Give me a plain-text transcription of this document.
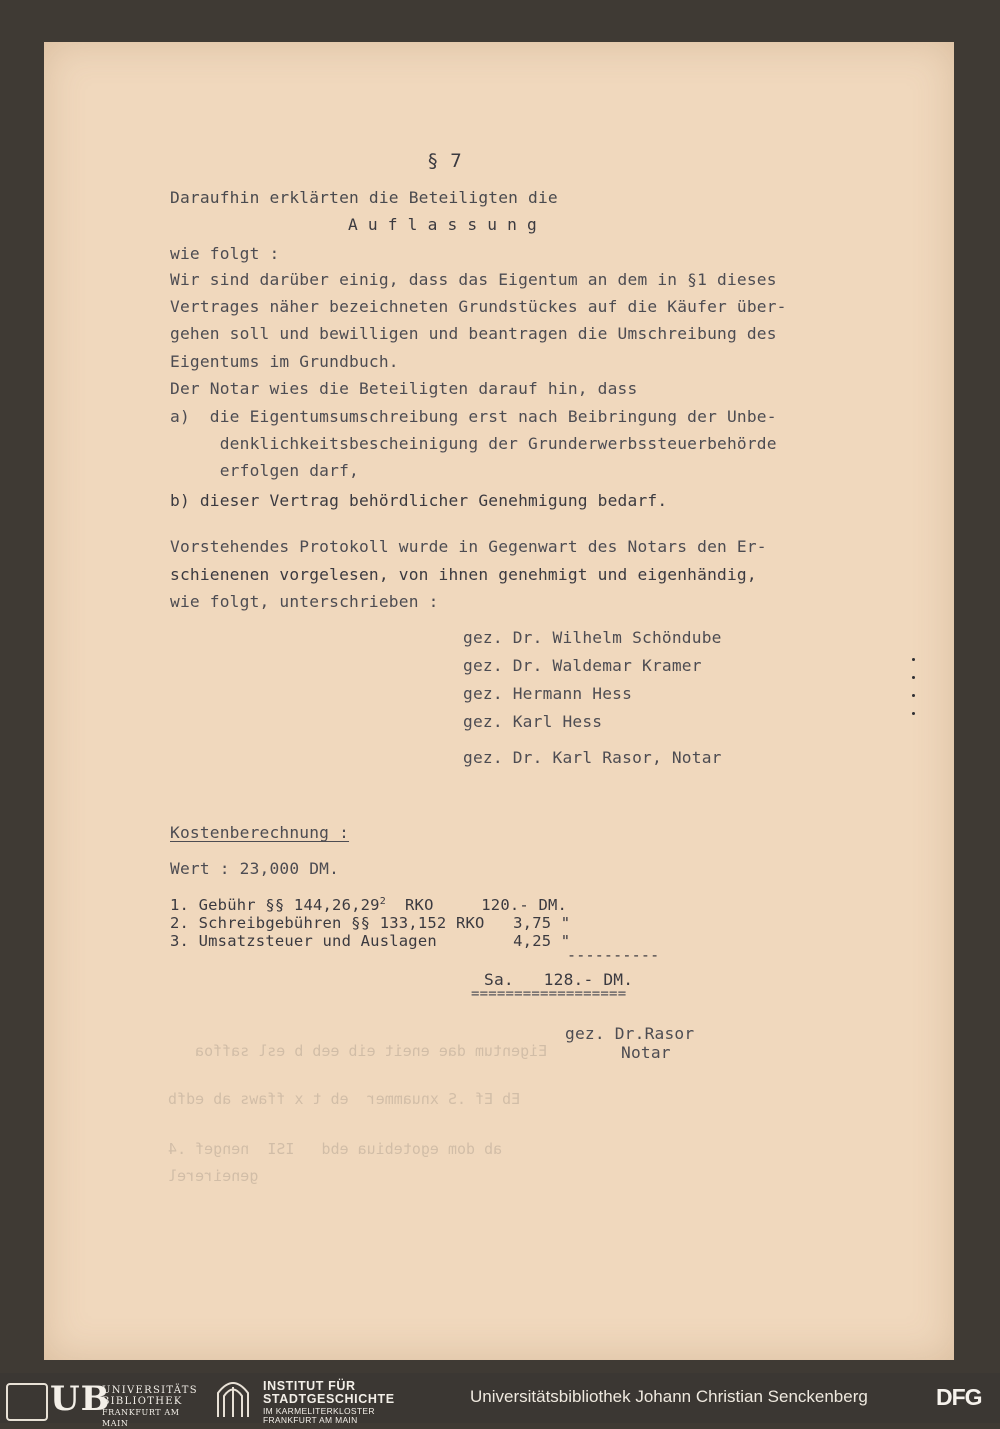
Eigentum dae eneit eib eeb b esl saffoa
Eb Ef .S xnuammer  eb t x ffaws ab edfb
ab dom egotebiua ebd   ISI  nengef .4
geneirerel
§ 7
Daraufhin erklärten die Beteiligten die
A u f l a s s u n g
wie folgt :
Wir sind darüber einig, dass das Eigentum an dem in §1 dieses
Vertrages näher bezeichneten Grundstückes auf die Käufer über-
gehen soll und bewilligen und beantragen die Umschreibung des
Eigentums im Grundbuch.
Der Notar wies die Beteiligten darauf hin, dass
a)  die Eigentumsumschreibung erst nach Beibringung der Unbe-
denklichkeitsbescheinigung der Grunderwerbssteuerbehörde
erfolgen darf,
b) dieser Vertrag behördlicher Genehmigung bedarf.
Vorstehendes Protokoll wurde in Gegenwart des Notars den Er-
schienenen vorgelesen, von ihnen genehmigt und eigenhändig,
wie folgt, unterschrieben :
gez. Dr. Wilhelm Schöndube
gez. Dr. Waldemar Kramer
gez. Hermann Hess
gez. Karl Hess
gez. Dr. Karl Rasor, Notar
Kostenberechnung :
Wert : 23,000 DM.
1. Gebühr §§ 144,26,29$^2$  RKO     120.- DM.
2. Schreibgebühren §§ 133,152 RKO   3,75 "
3. Umsatzsteuer und Auslagen        4,25 "
----------
Sa.   128.- DM.
==================
gez. Dr.Rasor
Notar
UB
UNIVERSITÄTS
BIBLIOTHEK
FRANKFURT AM MAIN
INSTITUT FÜR
STADTGESCHICHTE
IM KARMELITERKLOSTER
FRANKFURT AM MAIN
Universitätsbibliothek Johann Christian Senckenberg	DFG
